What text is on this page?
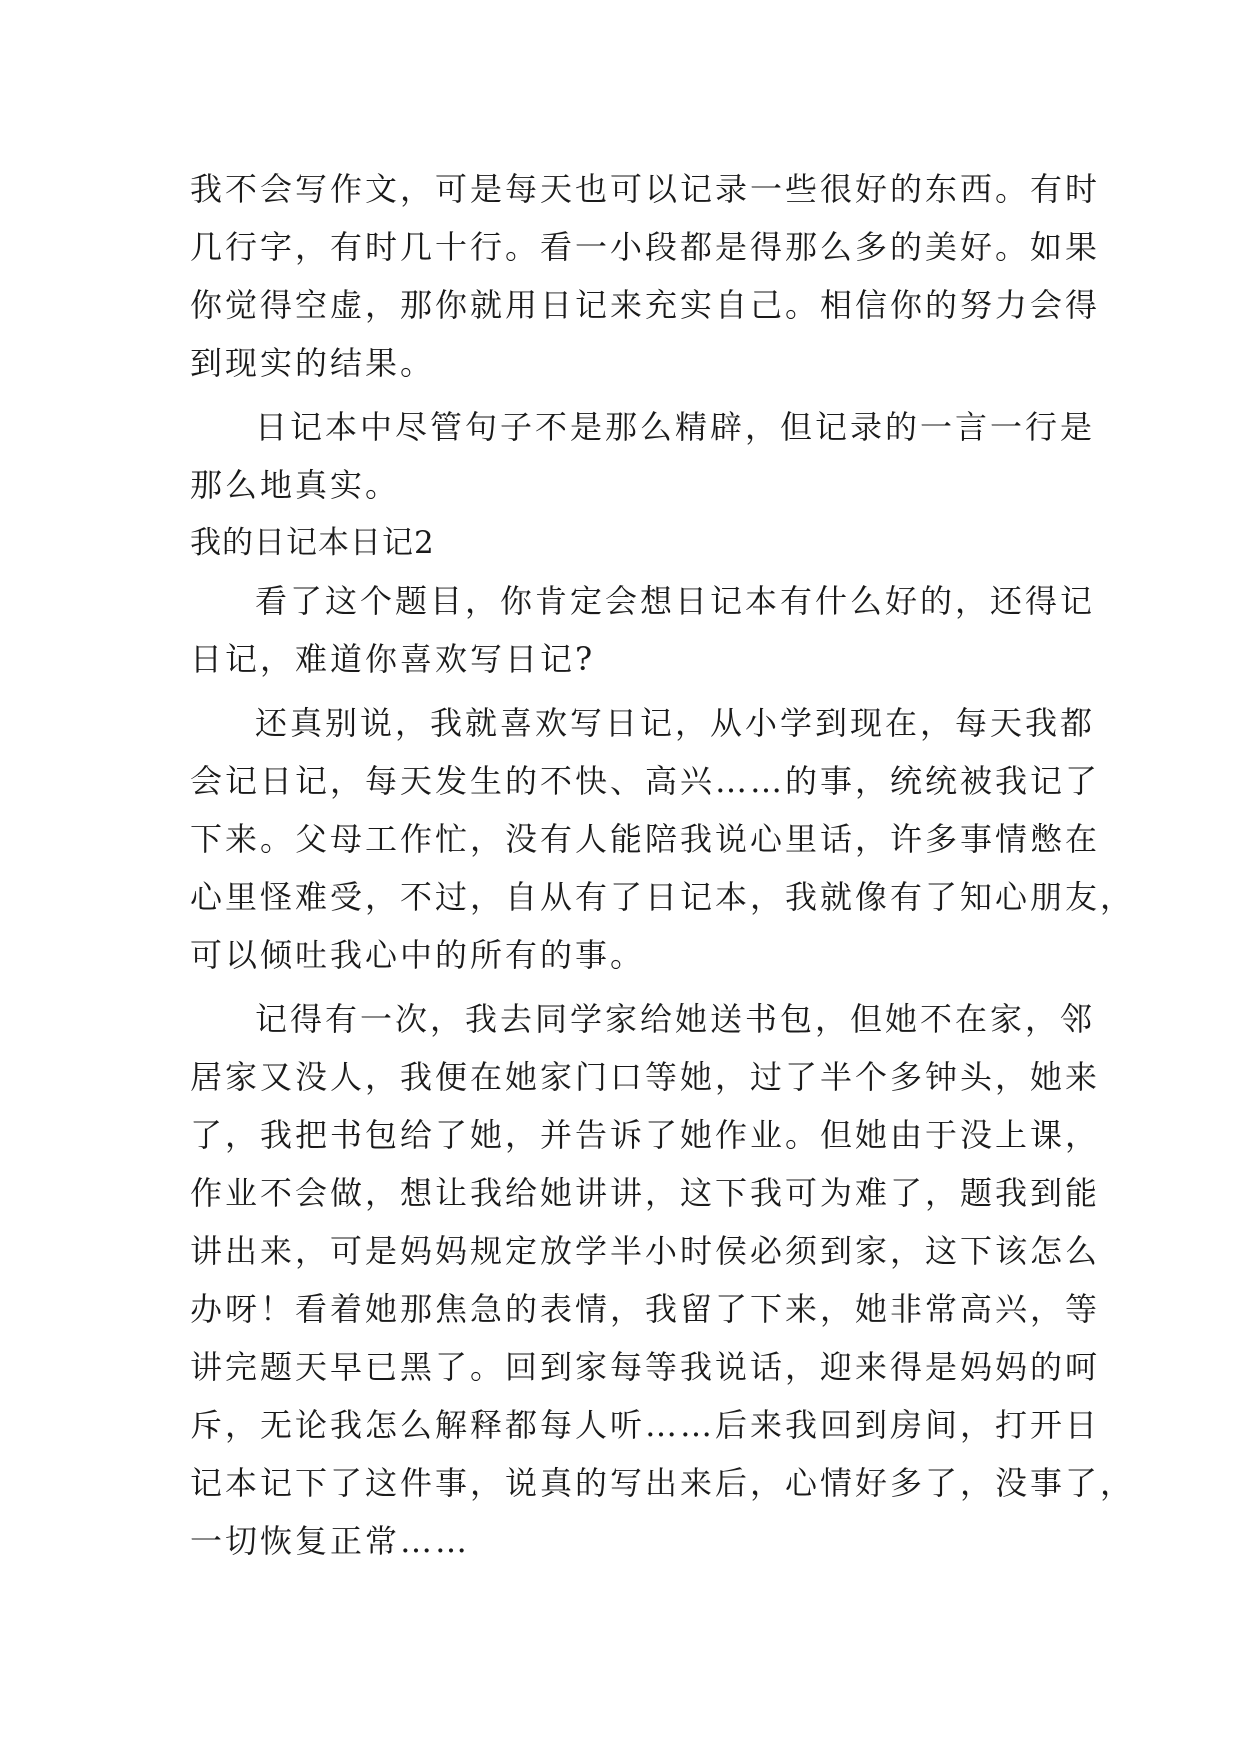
我不会写作文，可是每天也可以记录一些很好的东西。有时
几行字，有时几十行。看一小段都是得那么多的美好。如果
你觉得空虚，那你就用日记来充实自己。相信你的努力会得
到现实的结果。
日记本中尽管句子不是那么精辟，但记录的一言一行是
那么地真实。
我的日记本日记2
看了这个题目，你肯定会想日记本有什么好的，还得记
日记，难道你喜欢写日记?
还真别说，我就喜欢写日记，从小学到现在，每天我都
会记日记，每天发生的不快、高兴……的事，统统被我记了
下来。父母工作忙，没有人能陪我说心里话，许多事情憋在
心里怪难受，不过，自从有了日记本，我就像有了知心朋友，
可以倾吐我心中的所有的事。
记得有一次，我去同学家给她送书包，但她不在家，邻
居家又没人，我便在她家门口等她，过了半个多钟头，她来
了，我把书包给了她，并告诉了她作业。但她由于没上课，
作业不会做，想让我给她讲讲，这下我可为难了，题我到能
讲出来，可是妈妈规定放学半小时侯必须到家，这下该怎么
办呀！看着她那焦急的表情，我留了下来，她非常高兴，等
讲完题天早已黑了。回到家每等我说话，迎来得是妈妈的呵
斥，无论我怎么解释都每人听……后来我回到房间，打开日
记本记下了这件事，说真的写出来后，心情好多了，没事了，
一切恢复正常……
